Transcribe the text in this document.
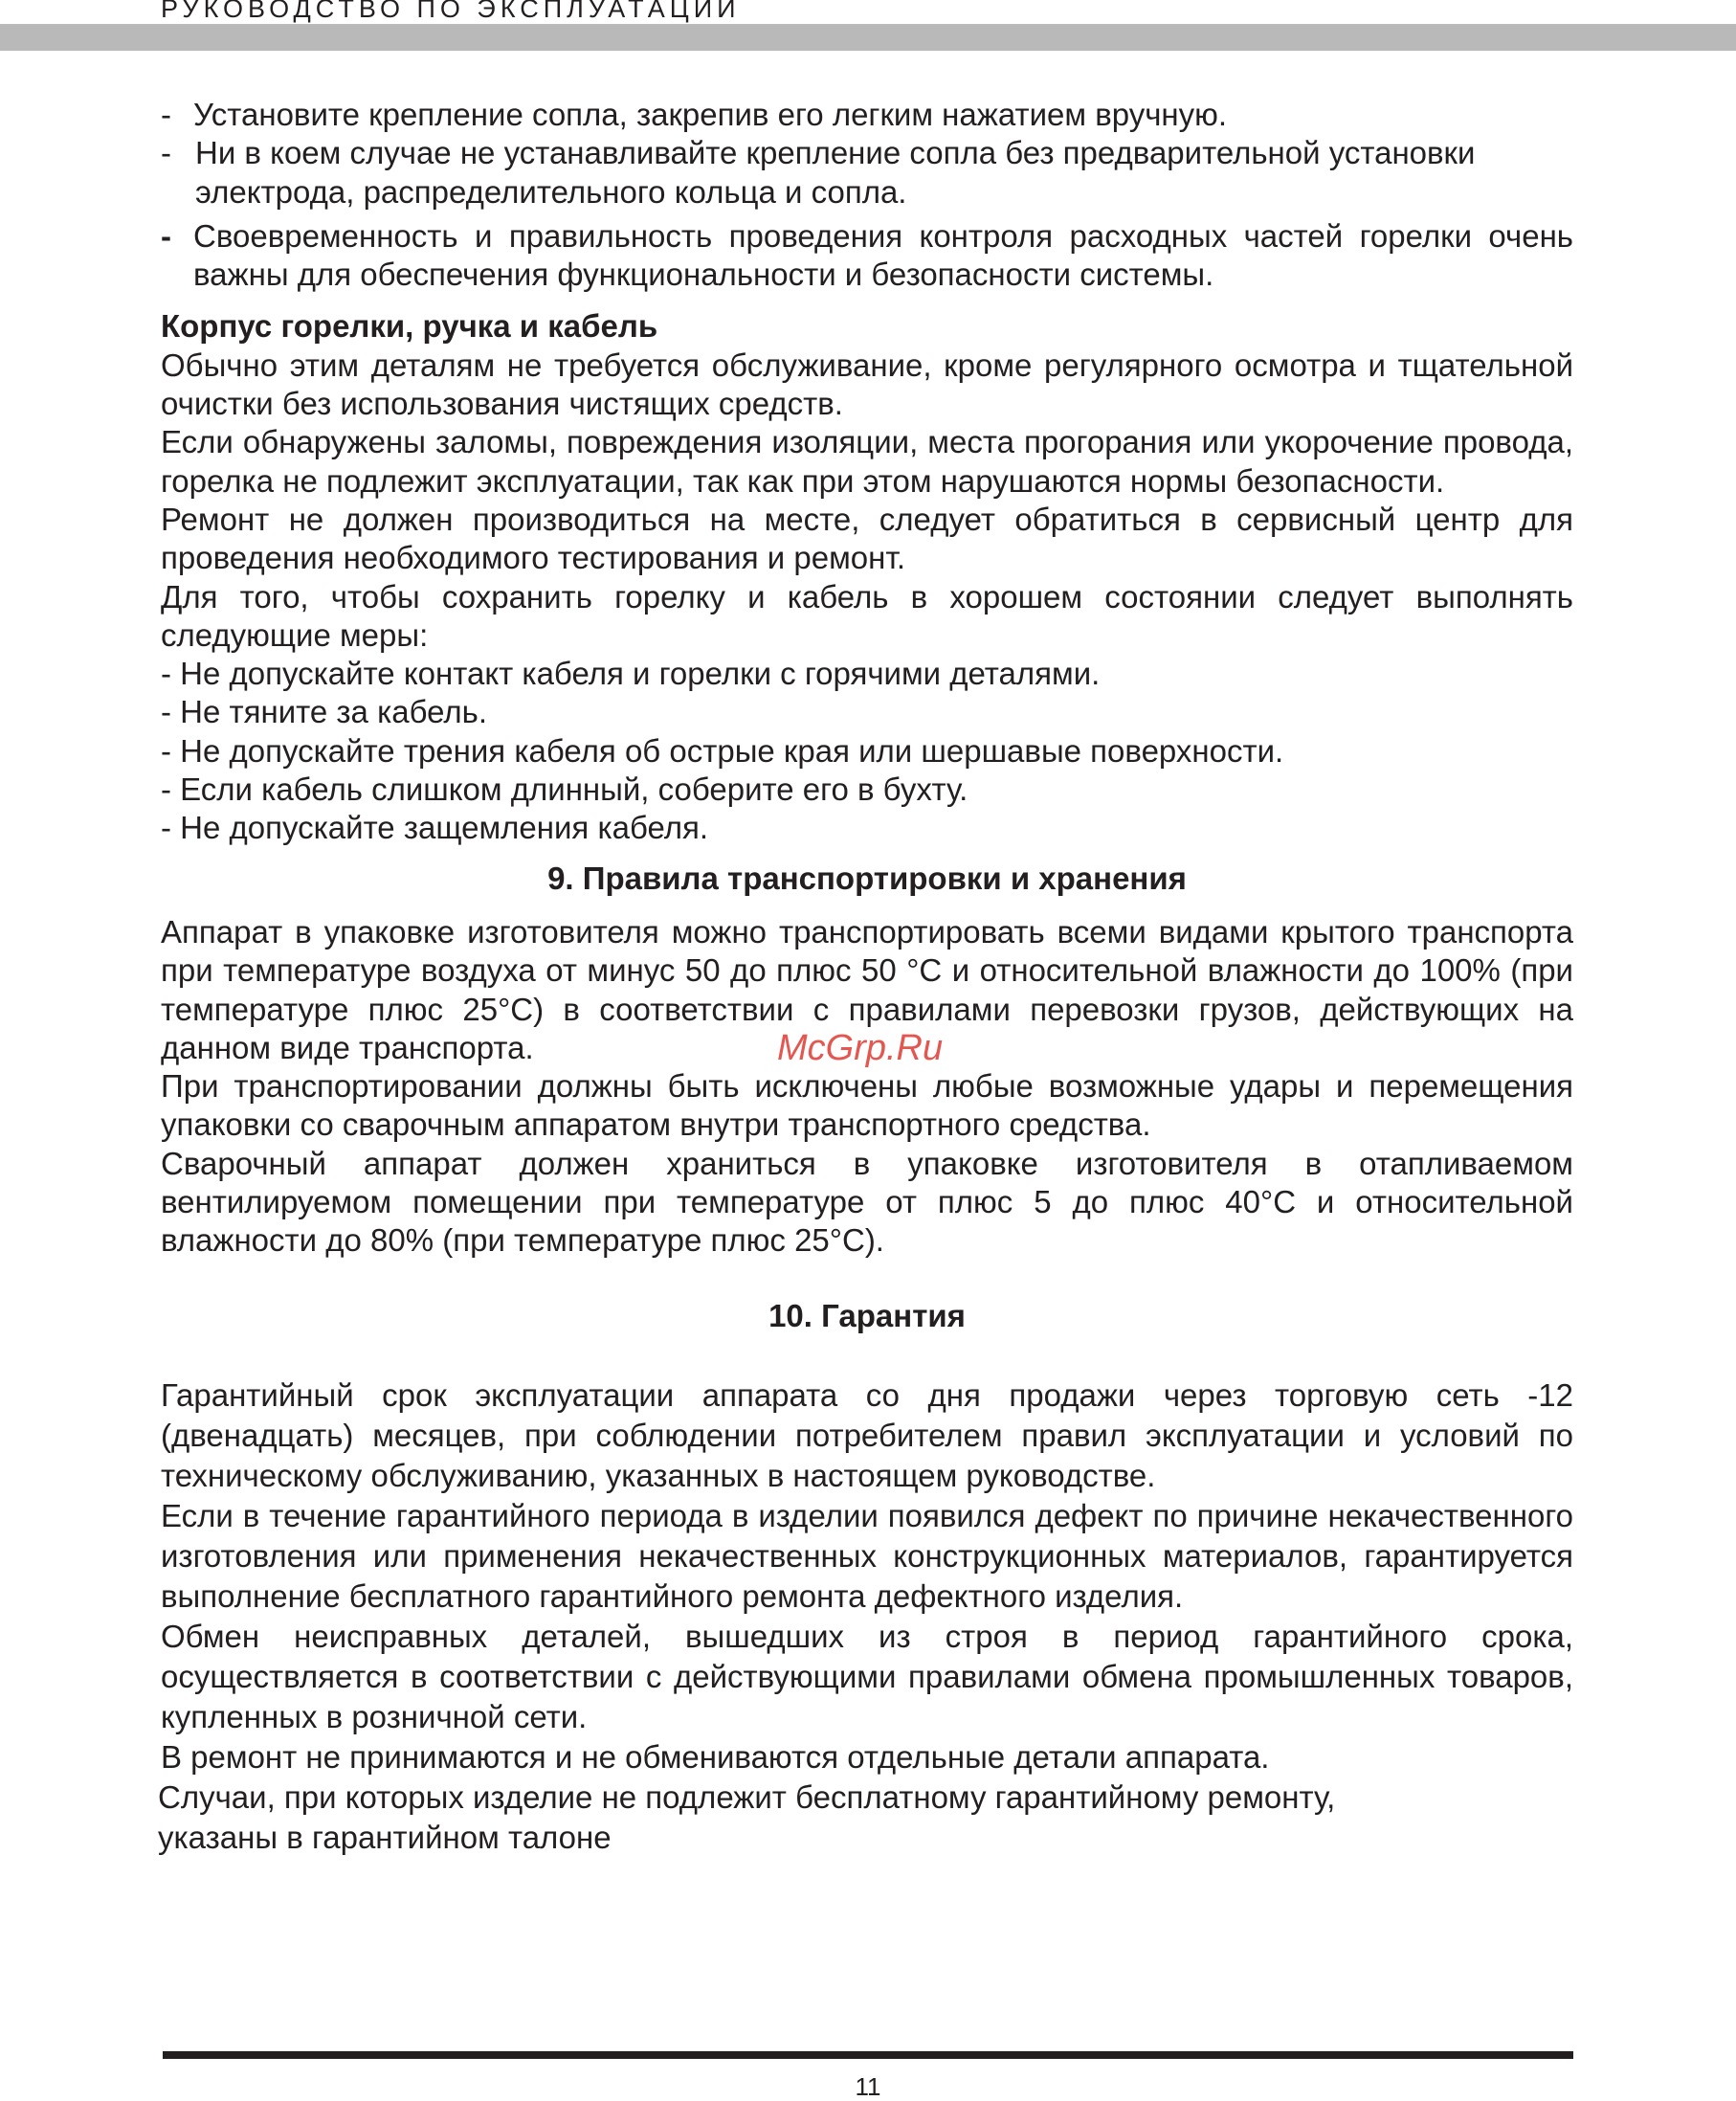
РУКОВОДСТВО ПО ЭКСПЛУАТАЦИИ
- Установите крепление сопла, закрепив его легким нажатием вручную.
- Ни в коем случае не устанавливайте крепление сопла без предварительной установки электрода, распределительного кольца и сопла.
- Своевременность и правильность проведения контроля расходных частей горелки очень важны для обеспечения функциональности и безопасности системы.
Корпус горелки, ручка и кабель

Обычно этим деталям не требуется обслуживание, кроме регулярного осмотра и тщательной очистки без использования чистящих средств.

Если обнаружены заломы, повреждения изоляции, места прогорания или укорочение провода, горелка не подлежит эксплуатации, так как при этом нарушаются нормы безопасности.

Ремонт не должен производиться на месте, следует обратиться в сервисный центр для проведения необходимого тестирования и ремонт.

Для того, чтобы сохранить горелку и кабель в хорошем состоянии следует выполнять следующие меры:

- Не допускайте контакт кабеля и горелки с горячими деталями.
- Не тяните за кабель.
- Не допускайте трения кабеля об острые края или шершавые поверхности.
- Если кабель слишком длинный, соберите его в бухту.
- Не допускайте защемления кабеля.
9. Правила транспортировки и хранения

Аппарат в упаковке изготовителя можно транспортировать всеми видами крытого транспорта при температуре воздуха от минус 50 до плюс 50 °С и относительной влажности до 100% (при температуре плюс 25°С) в соответствии с правилами перевозки грузов, действующих на данном виде транспорта.

При транспортировании должны быть исключены любые возможные удары и перемещения упаковки со сварочным аппаратом внутри транспортного средства.

Сварочный аппарат должен храниться в упаковке изготовителя в отапливаемом вентилируемом помещении при температуре от плюс 5 до плюс 40°С и относительной влажности до 80% (при температуре плюс 25°С).

10. Гарантия

Гарантийный срок эксплуатации аппарата со дня продажи через торговую сеть -12 (двенадцать) месяцев, при соблюдении потребителем правил эксплуатации и условий по техническому обслуживанию, указанных в настоящем руководстве.

Если в течение гарантийного периода в изделии появился дефект по причине некачественного изготовления или применения некачественных конструкционных материалов, гарантируется выполнение бесплатного гарантийного ремонта дефектного изделия.

Обмен неисправных деталей, вышедших из строя в период гарантийного срока, осуществляется в соответствии с действующими правилами обмена промышленных товаров, купленных в розничной сети.

В ремонт не принимаются и не обмениваются отдельные детали аппарата.

Случаи, при которых изделие не подлежит бесплатному гарантийному ремонту,
указаны в гарантийном талоне
McGrp.Ru
11
